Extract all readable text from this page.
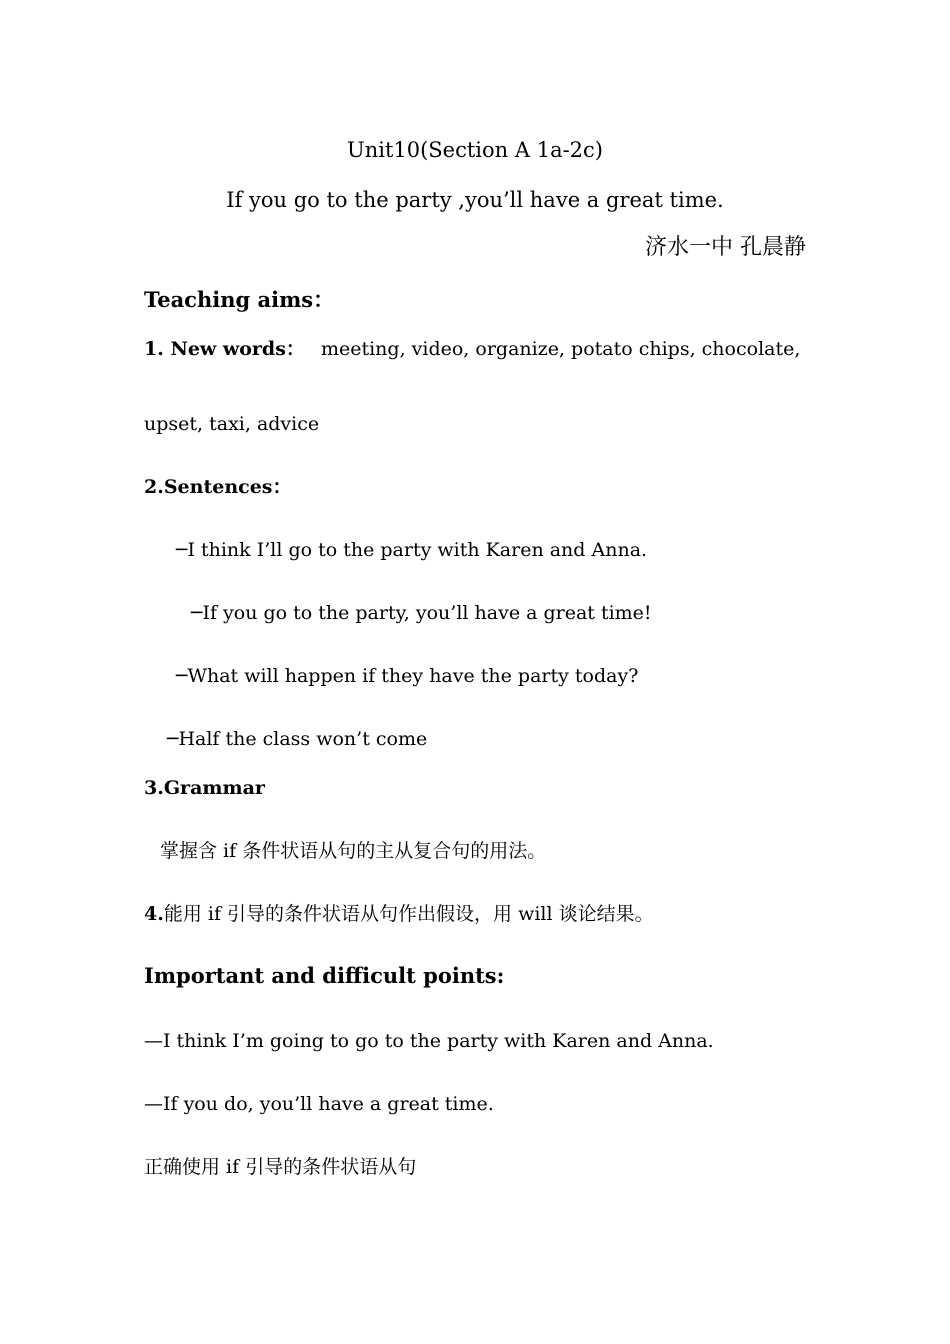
Unit10(Section A 1a-2c)
If you go to the party ,you’ll have a great time.
济水一中 孔晨静
Teaching aims：
1. New words： meeting, video, organize, potato chips, chocolate,
upset, taxi, advice
2.Sentences：
─I think I’ll go to the party with Karen and Anna.
─If you go to the party, you’ll have a great time!
─What will happen if they have the party today?
─Half the class won’t come
3.Grammar
掌握含 if 条件状语从句的主从复合句的用法。
4.能用 if 引导的条件状语从句作出假设，用 will 谈论结果。
Important and difficult points:
—I think I’m going to go to the party with Karen and Anna.
—If you do, you’ll have a great time.
正确使用 if 引导的条件状语从句
